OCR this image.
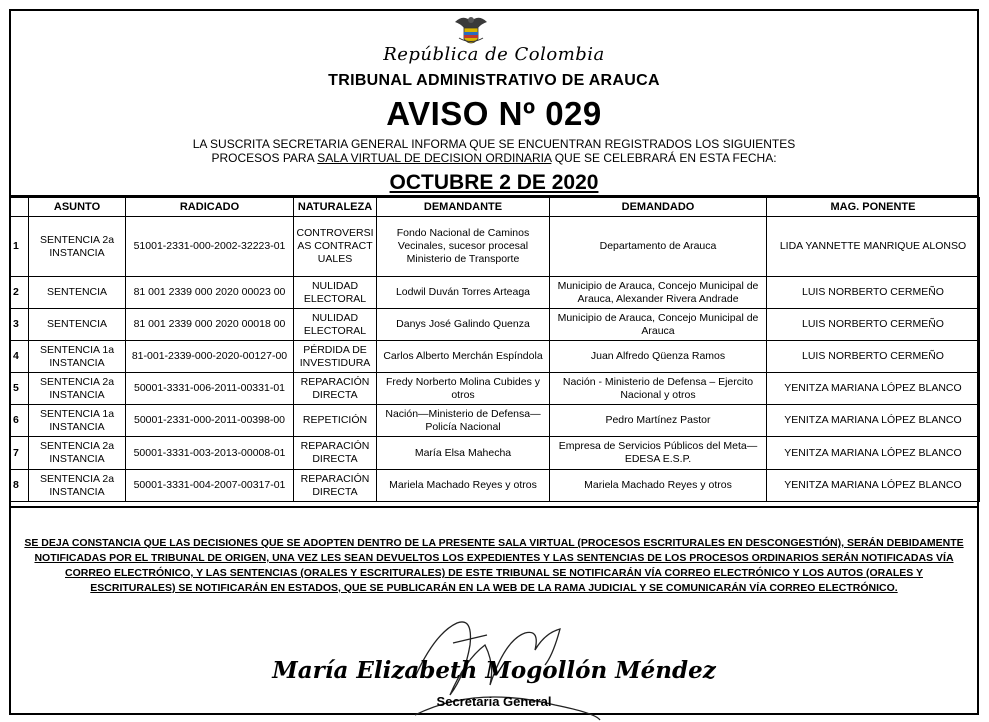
República de Colombia
TRIBUNAL ADMINISTRATIVO DE ARAUCA
AVISO Nº 029
LA SUSCRITA SECRETARIA GENERAL INFORMA QUE SE ENCUENTRAN REGISTRADOS LOS SIGUIENTES
PROCESOS PARA SALA VIRTUAL DE DECISION ORDINARIA QUE SE CELEBRARÁ EN ESTA FECHA:
OCTUBRE 2 DE 2020
	ASUNTO	RADICADO	NATURALEZA	DEMANDANTE	DEMANDADO	MAG. PONENTE
1	SENTENCIA 2a INSTANCIA	51001-2331-000-2002-32223-01	CONTROVERSIAS CONTRACTUALES	Fondo Nacional de Caminos Vecinales, sucesor procesal Ministerio de Transporte	Departamento de Arauca	LIDA YANNETTE MANRIQUE ALONSO
2	SENTENCIA	81 001 2339 000 2020 00023 00	NULIDAD ELECTORAL	Lodwil Duván Torres Arteaga	Municipio de Arauca, Concejo Municipal de Arauca, Alexander Rivera Andrade	LUIS NORBERTO CERMEÑO
3	SENTENCIA	81 001 2339 000 2020 00018 00	NULIDAD ELECTORAL	Danys José Galindo Quenza	Municipio de Arauca, Concejo Municipal de Arauca	LUIS NORBERTO CERMEÑO
4	SENTENCIA 1a INSTANCIA	81-001-2339-000-2020-00127-00	PÉRDIDA DE INVESTIDURA	Carlos Alberto Merchán Espíndola	Juan Alfredo Qüenza Ramos	LUIS NORBERTO CERMEÑO
5	SENTENCIA 2a INSTANCIA	50001-3331-006-2011-00331-01	REPARACIÓN DIRECTA	Fredy Norberto Molina Cubides y otros	Nación - Ministerio de Defensa – Ejercito Nacional y otros	YENITZA MARIANA LÓPEZ BLANCO
6	SENTENCIA 1a INSTANCIA	50001-2331-000-2011-00398-00	REPETICIÓN	Nación—Ministerio de Defensa—Policía Nacional	Pedro Martínez Pastor	YENITZA MARIANA LÓPEZ BLANCO
7	SENTENCIA 2a INSTANCIA	50001-3331-003-2013-00008-01	REPARACIÓN DIRECTA	María Elsa Mahecha	Empresa de Servicios Públicos del Meta—EDESA E.S.P.	YENITZA MARIANA LÓPEZ BLANCO
8	SENTENCIA 2a INSTANCIA	50001-3331-004-2007-00317-01	REPARACIÓN DIRECTA	Mariela Machado Reyes y otros	Mariela Machado Reyes y otros	YENITZA MARIANA LÓPEZ BLANCO
SE DEJA CONSTANCIA QUE LAS DECISIONES QUE SE ADOPTEN DENTRO DE LA PRESENTE SALA VIRTUAL (PROCESOS ESCRITURALES EN DESCONGESTIÓN), SERÁN DEBIDAMENTE NOTIFICADAS POR EL TRIBUNAL DE ORIGEN, UNA VEZ LES SEAN DEVUELTOS LOS EXPEDIENTES Y LAS SENTENCIAS DE LOS PROCESOS ORDINARIOS SERÁN NOTIFICADAS VÍA CORREO ELECTRÓNICO, Y LAS SENTENCIAS (ORALES Y ESCRITURALES) DE ESTE TRIBUNAL SE NOTIFICARÁN VÍA CORREO ELECTRÓNICO Y LOS AUTOS (ORALES Y ESCRITURALES) SE NOTIFICARÁN EN ESTADOS, QUE SE PUBLICARÁN EN LA WEB DE LA RAMA JUDICIAL Y SE COMUNICARÁN VÍA CORREO ELECTRÓNICO.
María Elizabeth Mogollón Méndez
Secretaria General
